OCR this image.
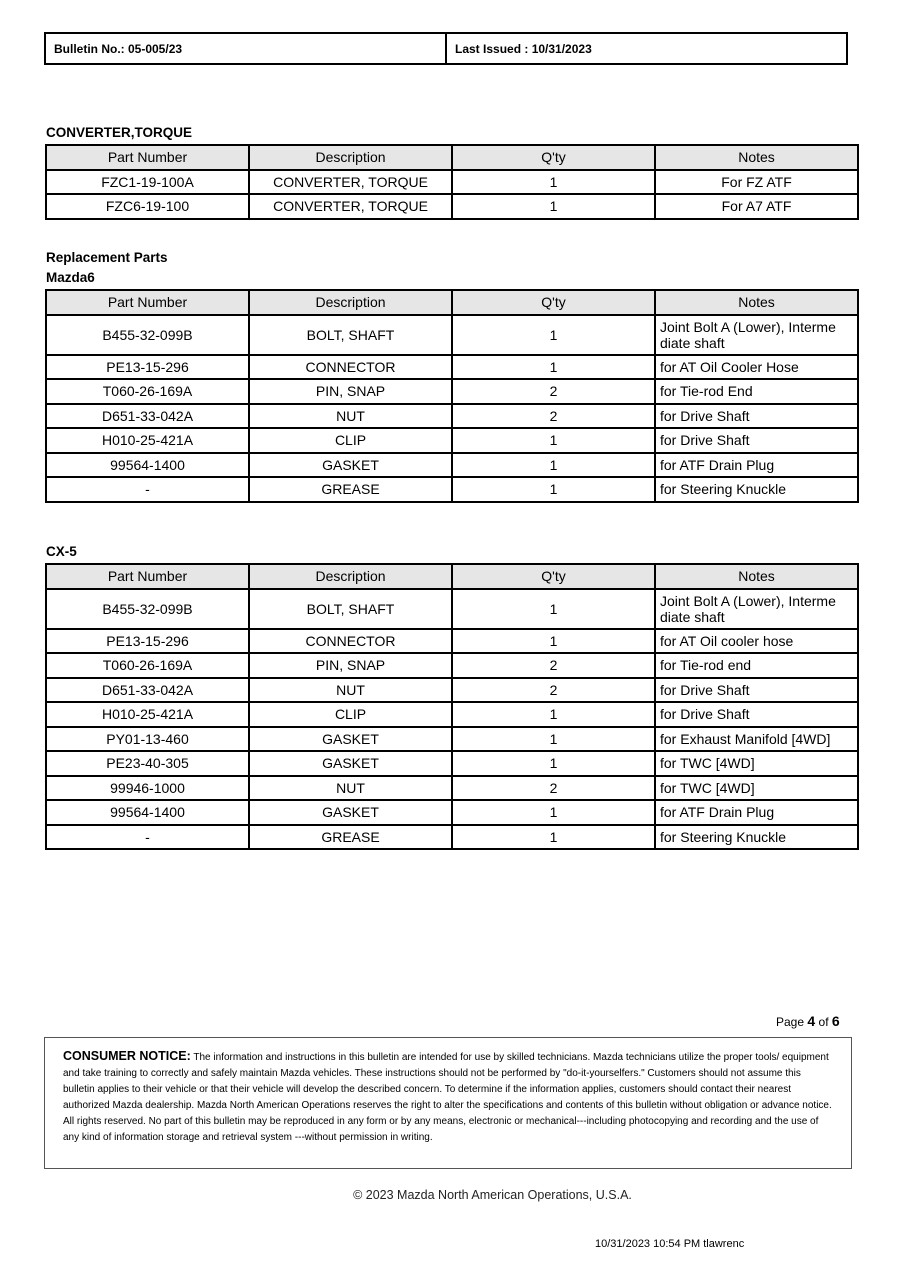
Bulletin No.: 05-005/23	Last Issued : 10/31/2023
CONVERTER,TORQUE
Part Number	Description	Q'ty	Notes
FZC1-19-100A	CONVERTER, TORQUE	1	For FZ ATF
FZC6-19-100	CONVERTER, TORQUE	1	For A7 ATF
Replacement Parts
Mazda6
Part Number	Description	Q'ty	Notes
B455-32-099B	BOLT, SHAFT	1	Joint Bolt A (Lower), Interme diate shaft
PE13-15-296	CONNECTOR	1	for AT Oil Cooler Hose
T060-26-169A	PIN, SNAP	2	for Tie-rod End
D651-33-042A	NUT	2	for Drive Shaft
H010-25-421A	CLIP	1	for Drive Shaft
99564-1400	GASKET	1	for ATF Drain Plug
-	GREASE	1	for Steering Knuckle
CX-5
Part Number	Description	Q'ty	Notes
B455-32-099B	BOLT, SHAFT	1	Joint Bolt A (Lower), Interme diate shaft
PE13-15-296	CONNECTOR	1	for AT Oil cooler hose
T060-26-169A	PIN, SNAP	2	for Tie-rod end
D651-33-042A	NUT	2	for Drive Shaft
H010-25-421A	CLIP	1	for Drive Shaft
PY01-13-460	GASKET	1	for Exhaust Manifold [4WD]
PE23-40-305	GASKET	1	for TWC [4WD]
99946-1000	NUT	2	for TWC [4WD]
99564-1400	GASKET	1	for ATF Drain Plug
-	GREASE	1	for Steering Knuckle
Page 4 of 6
CONSUMER NOTICE: The information and instructions in this bulletin are intended for use by skilled technicians. Mazda technicians utilize the proper tools/ equipment and take training to correctly and safely maintain Mazda vehicles. These instructions should not be performed by "do-it-yourselfers." Customers should not assume this bulletin applies to their vehicle or that their vehicle will develop the described concern. To determine if the information applies, customers should contact their nearest authorized Mazda dealership. Mazda North American Operations reserves the right to alter the specifications and contents of this bulletin without obligation or advance notice. All rights reserved. No part of this bulletin may be reproduced in any form or by any means, electronic or mechanical---including photocopying and recording and the use of any kind of information storage and retrieval system ---without permission in writing.
© 2023 Mazda North American Operations, U.S.A.
10/31/2023 10:54 PM tlawrenc
